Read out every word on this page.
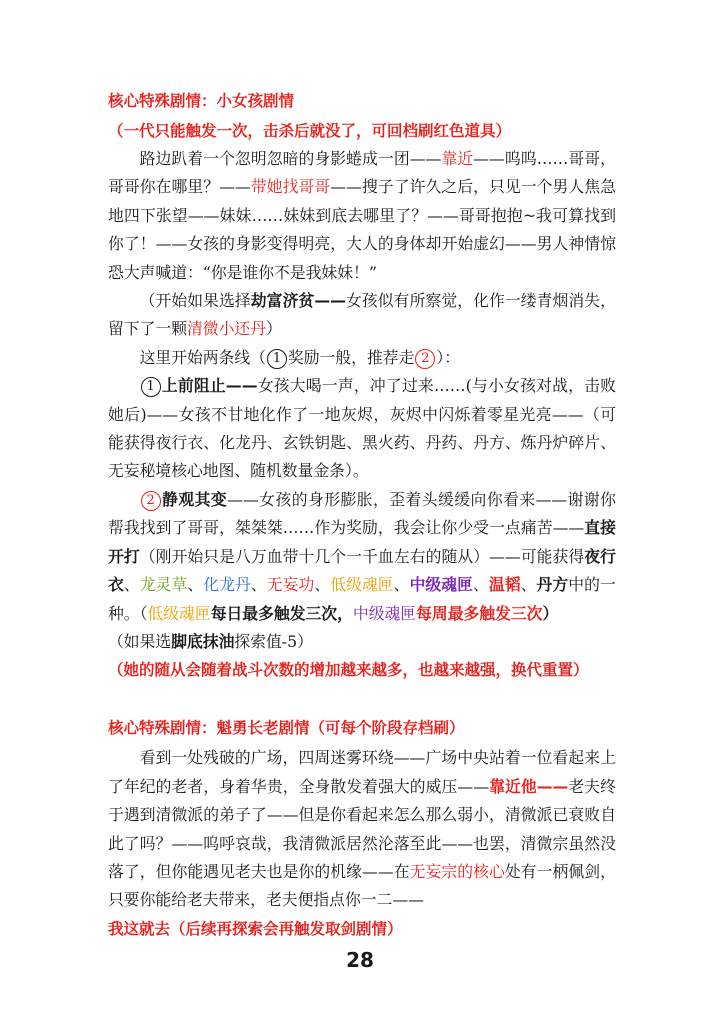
核心特殊剧情：小女孩剧情

（一代只能触发一次，击杀后就没了，可回档刷红色道具）

路边趴着一个忽明忽暗的身影蜷成一团——靠近——呜呜……哥哥，哥哥你在哪里？——带她找哥哥——搜子了许久之后，只见一个男人焦急地四下张望——妹妹……妹妹到底去哪里了？——哥哥抱抱~我可算找到你了！——女孩的身影变得明亮，大人的身体却开始虚幻——男人神情惊恐大声喊道：“你是谁你不是我妹妹！”

（开始如果选择劫富济贫——女孩似有所察觉，化作一缕青烟消失，留下了一颗清微小还丹）

这里开始两条线（ 1 奖励一般，推荐走 2 ）：

1 上前阻止——女孩大喝一声，冲了过来……(与小女孩对战，击败她后)——女孩不甘地化作了一地灰烬，灰烬中闪烁着零星光亮——（可能获得夜行衣、化龙丹、玄铁钥匙、黑火药、丹药、丹方、炼丹炉碎片、无妄秘境核心地图、随机数量金条）。

2 静观其变——女孩的身形膨胀，歪着头缓缓向你看来——谢谢你帮我找到了哥哥，桀桀桀……作为奖励，我会让你少受一点痛苦——直接开打（刚开始只是八万血带十几个一千血左右的随从）——可能获得夜行衣、龙灵草、化龙丹、无妄功、低级魂匣、中级魂匣、温韬、丹方中的一种。（低级魂匣每日最多触发三次，中级魂匣每周最多触发三次）

（如果选脚底抹油探索值-5）

（她的随从会随着战斗次数的增加越来越多，也越来越强，换代重置）

核心特殊剧情：魁勇长老剧情（可每个阶段存档刷）

看到一处残破的广场，四周迷雾环绕——广场中央站着一位看起来上了年纪的老者，身着华贵，全身散发着强大的威压——靠近他——老夫终于遇到清微派的弟子了——但是你看起来怎么那么弱小，清微派已衰败自此了吗？——呜呼哀哉，我清微派居然沦落至此——也罢，清微宗虽然没落了，但你能遇见老夫也是你的机缘——在无妄宗的核心处有一柄佩剑，只要你能给老夫带来，老夫便指点你一二——

我这就去（后续再探索会再触发取剑剧情）

28
